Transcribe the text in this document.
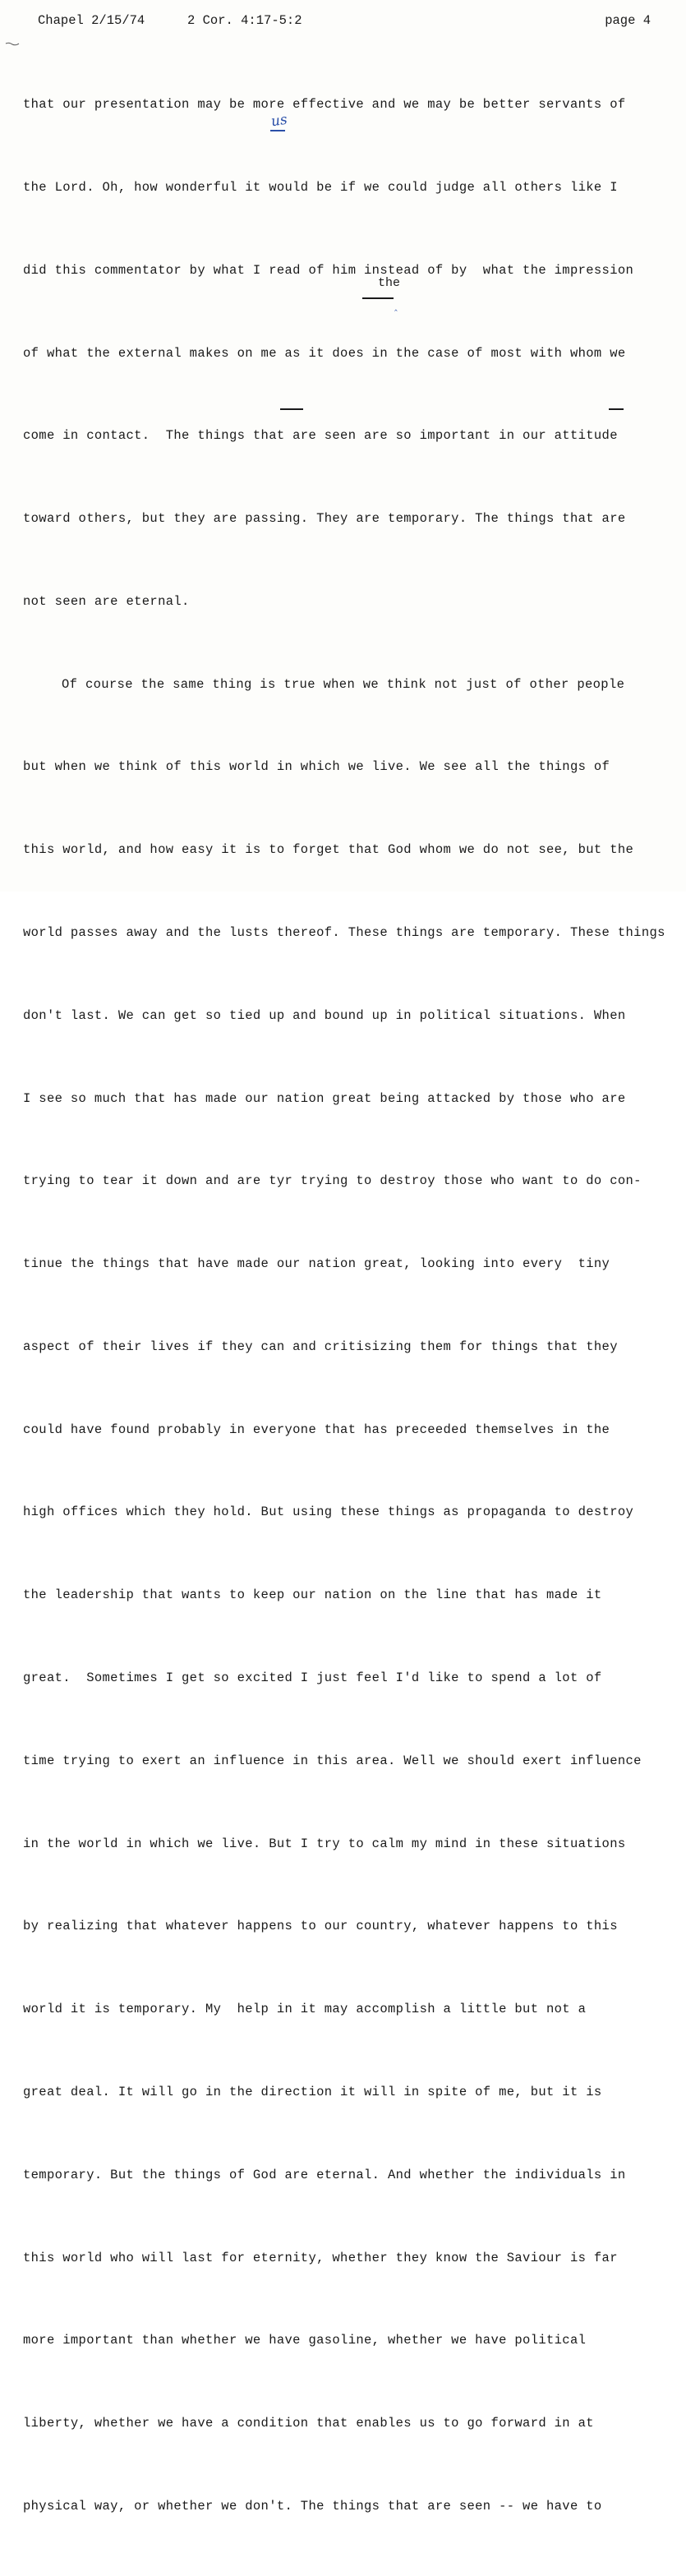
Chapel 2/15/74

	2 Cor. 4:17-5:2

	page 4

that our presentation may be more effective and we may be better servants of

the Lord. Oh, how wonderful it would be if we could judge all others like I

did this commentator by what I read of him instead of by  what the impression

of what the external makes on me as it does in the case of most with whom we

come in contact.  The things that are seen are so important in our attitude

toward others, but they are passing. They are temporary. The things that are

not seen are eternal.

Of course the same thing is true when we think not just of other people

but when we think of this world in which we live. We see all the things of

this world, and how easy it is to forget that God whom we do not see, but the

world passes away and the lusts thereof. These things are temporary. These things

don't last. We can get so tied up and bound up in political situations. When

I see so much that has made our nation great being attacked by those who are

trying to tear it down and are tyr trying to destroy those who want to do con-

tinue the things that have made our nation great, looking into every  tiny

aspect of their lives if they can and critisizing them for things that they

could have found probably in everyone that has preceeded themselves in the

high offices which they hold. But using these things as propaganda to destroy

the leadership that wants to keep our nation on the line that has made it

great.  Sometimes I get so excited I just feel I'd like to spend a lot of

time trying to exert an influence in this area. Well we should exert influence

in the world in which we live. But I try to calm my mind in these situations

by realizing that whatever happens to our country, whatever happens to this

world it is temporary. My  help in it may accomplish a little but not a

great deal. It will go in the direction it will in spite of me, but it is

temporary. But the things of God are eternal. And whether the individuals in

this world who will last for eternity, whether they know the Saviour is far

more important than whether we have gasoline, whether we have political

liberty, whether we have a condition that enables us to go forward in at

physical way, or whether we don't. The things that are seen -- we have to

us
the
‸
